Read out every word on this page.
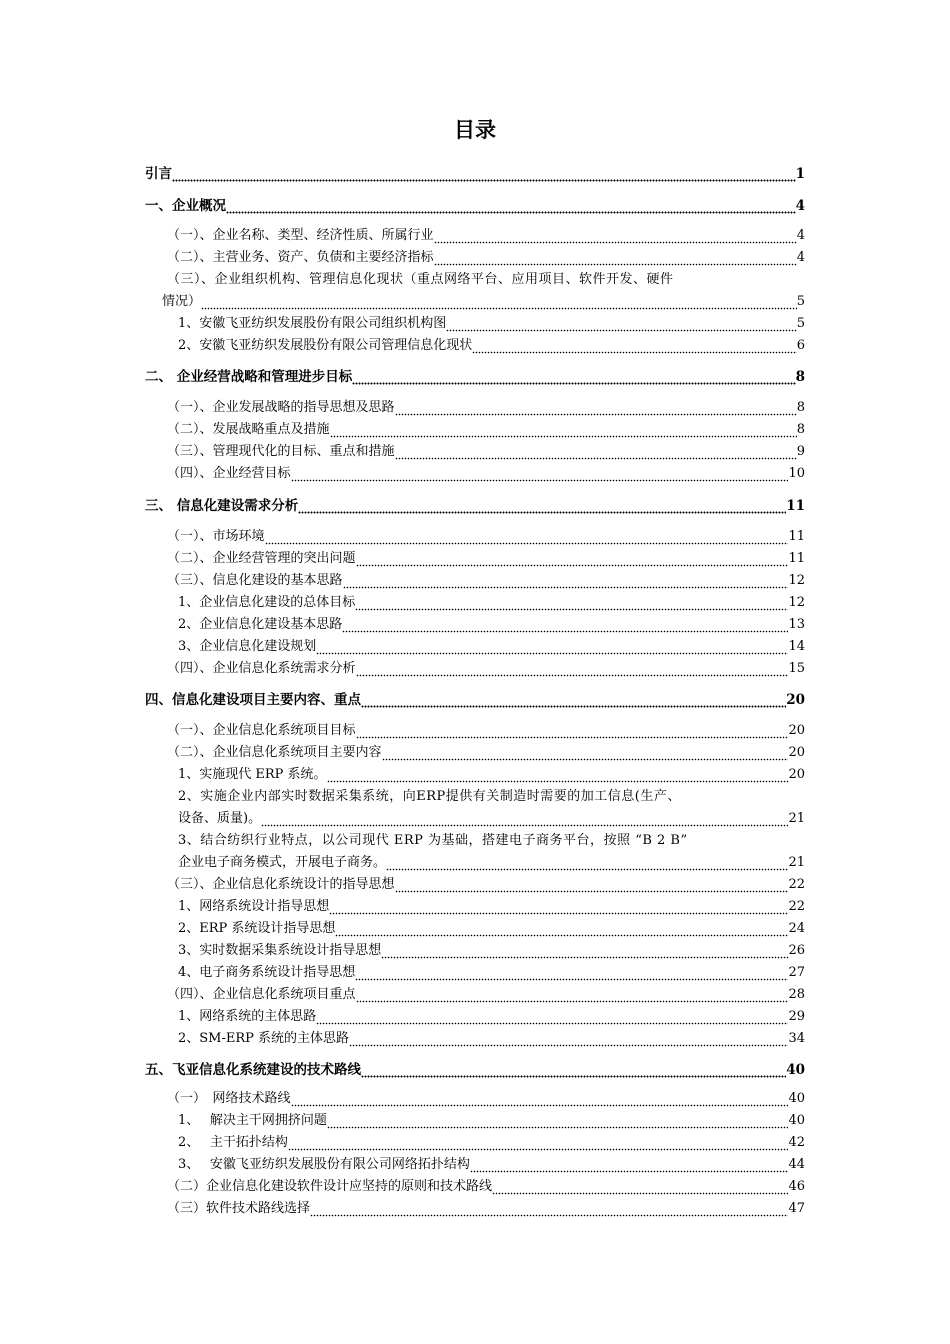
目录
引言	1
一、企业概况	4
（一）、企业名称、类型、经济性质、所属行业	4
（二）、主营业务、资产、负债和主要经济指标	4
（三）、企业组织机构、管理信息化现状（重点网络平台、应用项目、软件开发、硬件
情况）	5
1、安徽飞亚纺织发展股份有限公司组织机构图	5
2、安徽飞亚纺织发展股份有限公司管理信息化现状	6
二、 企业经营战略和管理进步目标	8
（一）、企业发展战略的指导思想及思路	8
（二）、发展战略重点及措施	8
（三）、管理现代化的目标、重点和措施	9
（四）、企业经营目标	10
三、 信息化建设需求分析	11
（一）、市场环境	11
（二）、企业经营管理的突出问题	11
（三）、信息化建设的基本思路	12
1、企业信息化建设的总体目标	12
2、企业信息化建设基本思路	13
3、企业信息化建设规划	14
（四）、企业信息化系统需求分析	15
四、信息化建设项目主要内容、重点	20
（一）、企业信息化系统项目目标	20
（二）、企业信息化系统项目主要内容	20
1、实施现代 ERP 系统。	20
2、实施企业内部实时数据采集系统，向ERP提供有关制造时需要的加工信息(生产、
设备、质量)。	21
3、结合纺织行业特点，以公司现代 ERP 为基础，搭建电子商务平台，按照 “B 2 B”
企业电子商务模式，开展电子商务。	21
（三）、企业信息化系统设计的指导思想	22
1、网络系统设计指导思想	22
2、ERP 系统设计指导思想	24
3、实时数据采集系统设计指导思想	26
4、电子商务系统设计指导思想	27
（四）、企业信息化系统项目重点	28
1、网络系统的主体思路	29
2、SM-ERP 系统的主体思路	34
五、飞亚信息化系统建设的技术路线	40
（一）　网络技术路线	40
1、　 解决主干网拥挤问题	40
2、　 主干拓扑结构	42
3、　 安徽飞亚纺织发展股份有限公司网络拓扑结构	44
（二）企业信息化建设软件设计应坚持的原则和技术路线	46
（三）软件技术路线选择	47
